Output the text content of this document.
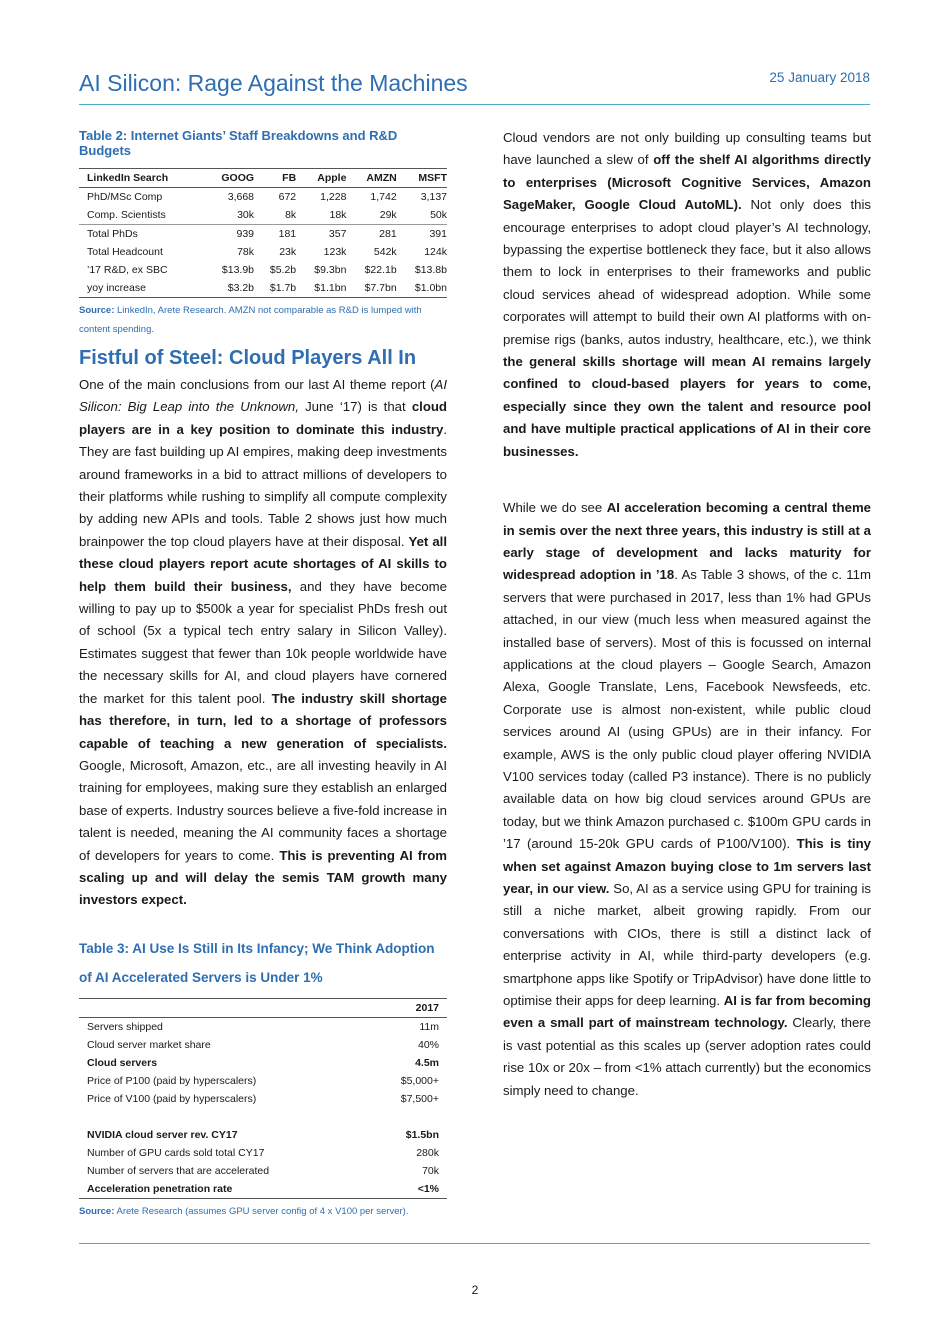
AI Silicon: Rage Against the Machines	25 January 2018
Table 2: Internet Giants’ Staff Breakdowns and R&D Budgets
LinkedIn Search	GOOG	FB	Apple	AMZN	MSFT
PhD/MSc Comp	3,668	672	1,228	1,742	3,137
Comp. Scientists	30k	8k	18k	29k	50k
Total PhDs	939	181	357	281	391
Total Headcount	78k	23k	123k	542k	124k
’17 R&D, ex SBC	$13.9b	$5.2b	$9.3bn	$22.1b	$13.8b
yoy increase	$3.2b	$1.7b	$1.1bn	$7.7bn	$1.0bn
Source: LinkedIn, Arete Research. AMZN not comparable as R&D is lumped with content spending.
Fistful of Steel: Cloud Players All In

One of the main conclusions from our last AI theme report (AI Silicon: Big Leap into the Unknown, June ‘17) is that cloud players are in a key position to dominate this industry. They are fast building up AI empires, making deep investments around frameworks in a bid to attract millions of developers to their platforms while rushing to simplify all compute complexity by adding new APIs and tools. Table 2 shows just how much brainpower the top cloud players have at their disposal. Yet all these cloud players report acute shortages of AI skills to help them build their business, and they have become willing to pay up to $500k a year for specialist PhDs fresh out of school (5x a typical tech entry salary in Silicon Valley). Estimates suggest that fewer than 10k people worldwide have the necessary skills for AI, and cloud players have cornered the market for this talent pool. The industry skill shortage has therefore, in turn, led to a shortage of professors capable of teaching a new generation of specialists. Google, Microsoft, Amazon, etc., are all investing heavily in AI training for employees, making sure they establish an enlarged base of experts. Industry sources believe a five-fold increase in talent is needed, meaning the AI community faces a shortage of developers for years to come. This is preventing AI from scaling up and will delay the semis TAM growth many investors expect.

Table 3: AI Use Is Still in Its Infancy; We Think Adoption of AI Accelerated Servers is Under 1%
	2017
Servers shipped	11m
Cloud server market share	40%
Cloud servers	4.5m
Price of P100 (paid by hyperscalers)	$5,000+
Price of V100 (paid by hyperscalers)	$7,500+

NVIDIA cloud server rev. CY17	$1.5bn
Number of GPU cards sold total CY17	280k
Number of servers that are accelerated	70k
Acceleration penetration rate	<1%
Source: Arete Research (assumes GPU server config of 4 x V100 per server).

Cloud vendors are not only building up consulting teams but have launched a slew of off the shelf AI algorithms directly to enterprises (Microsoft Cognitive Services, Amazon SageMaker, Google Cloud AutoML). Not only does this encourage enterprises to adopt cloud player’s AI technology, bypassing the expertise bottleneck they face, but it also allows them to lock in enterprises to their frameworks and public cloud services ahead of widespread adoption. While some corporates will attempt to build their own AI platforms with on-premise rigs (banks, autos industry, healthcare, etc.), we think the general skills shortage will mean AI remains largely confined to cloud-based players for years to come, especially since they own the talent and resource pool and have multiple practical applications of AI in their core businesses.

While we do see AI acceleration becoming a central theme in semis over the next three years, this industry is still at a early stage of development and lacks maturity for widespread adoption in ’18. As Table 3 shows, of the c. 11m servers that were purchased in 2017, less than 1% had GPUs attached, in our view (much less when measured against the installed base of servers). Most of this is focussed on internal applications at the cloud players – Google Search, Amazon Alexa, Google Translate, Lens, Facebook Newsfeeds, etc. Corporate use is almost non-existent, while public cloud services around AI (using GPUs) are in their infancy. For example, AWS is the only public cloud player offering NVIDIA V100 services today (called P3 instance). There is no publicly available data on how big cloud services around GPUs are today, but we think Amazon purchased c. $100m GPU cards in ’17 (around 15-20k GPU cards of P100/V100). This is tiny when set against Amazon buying close to 1m servers last year, in our view. So, AI as a service using GPU for training is still a niche market, albeit growing rapidly. From our conversations with CIOs, there is still a distinct lack of enterprise activity in AI, while third-party developers (e.g. smartphone apps like Spotify or TripAdvisor) have done little to optimise their apps for deep learning. AI is far from becoming even a small part of mainstream technology. Clearly, there is vast potential as this scales up (server adoption rates could rise 10x or 20x – from <1% attach currently) but the economics simply need to change.

2
